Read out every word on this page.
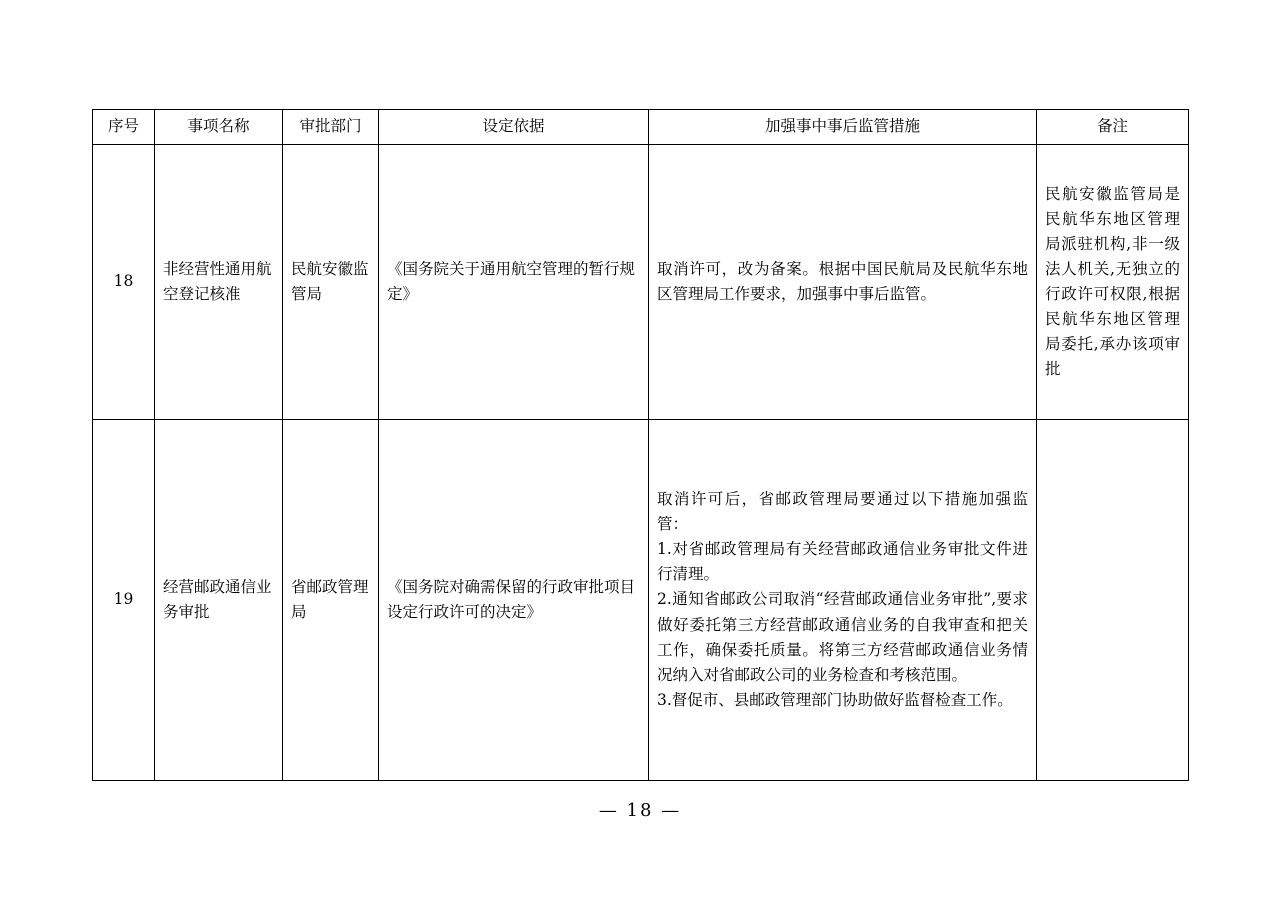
序号	事项名称	审批部门	设定依据	加强事中事后监管措施	备注
18	非经营性通用航空登记核准	民航安徽监管局	《国务院关于通用航空管理的暂行规定》	取消许可，改为备案。根据中国民航局及民航华东地区管理局工作要求，加强事中事后监管。	民航安徽监管局是民航华东地区管理局派驻机构,非一级法人机关,无独立的行政许可权限,根据民航华东地区管理局委托,承办该项审批
19	经营邮政通信业务审批	省邮政管理局	《国务院对确需保留的行政审批项目设定行政许可的决定》	取消许可后，省邮政管理局要通过以下措施加强监管：

1.对省邮政管理局有关经营邮政通信业务审批文件进行清理。

2.通知省邮政公司取消“经营邮政通信业务审批”,要求做好委托第三方经营邮政通信业务的自我审查和把关工作，确保委托质量。将第三方经营邮政通信业务情况纳入对省邮政公司的业务检查和考核范围。

3.督促市、县邮政管理部门协助做好监督检查工作。	

— 18 —
